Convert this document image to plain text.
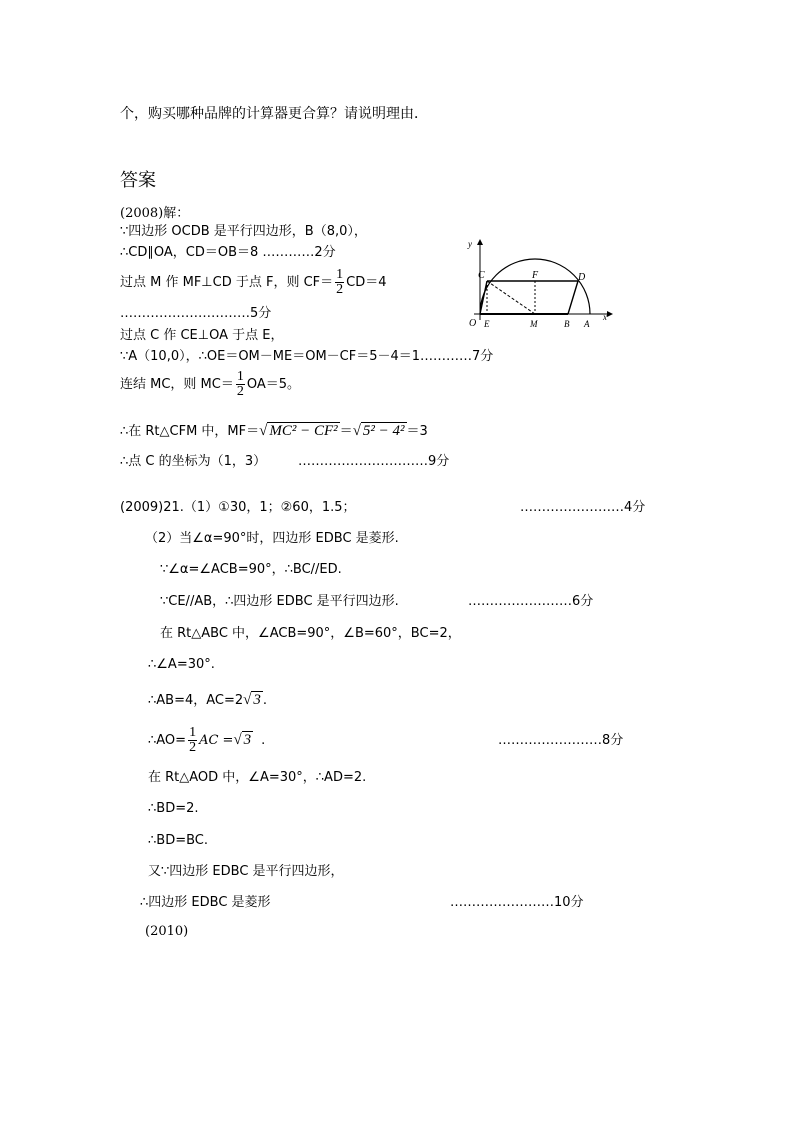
个，购买哪种品牌的计算器更合算？请说明理由．
答案
(2008)解：
∵四边形 OCDB 是平行四边形，B（8,0），
∴CD∥OA，CD＝OB＝8 …………2分
过点 M 作 MF⊥CD 于点 F，则 $CF= \frac{1}{2} CD=4$
…………………………5分
过点 C 作 CE⊥OA 于点 E，
∵A（10,0），∴OE＝OM－ME＝OM－CF＝5－4＝1…………7分
连结 MC，则 $MC= \frac{1}{2} OA=5$。
∴在 Rt△CFM 中，MF＝√ MC² − CF² ＝√ 5² − 4² ＝3
∴点 C 的坐标为（1，3） …………………………9分
y
x
O E	M	B A
C	F	D
(2009)21.（1）①30，1；②60，1.5；	……………………4分
（2）当∠α=90°时，四边形 EDBC 是菱形.
∵∠α=∠ACB=90°，∴BC//ED.
∵CE//AB，∴四边形 EDBC 是平行四边形.	……………………6分
在 Rt△ABC 中，∠ACB=90°，∠B=60°，BC=2，
∴∠A=30°.
∴AB=4，AC=2√ 3 .
∴AO= $\frac{1}{2}$ AC =√ 3 .	……………………8分
在 Rt△AOD 中，∠A=30°，∴AD=2.
∴BD=2.
∴BD=BC.
又∵四边形 EDBC 是平行四边形，
∴四边形 EDBC 是菱形	……………………10分
(2010)
